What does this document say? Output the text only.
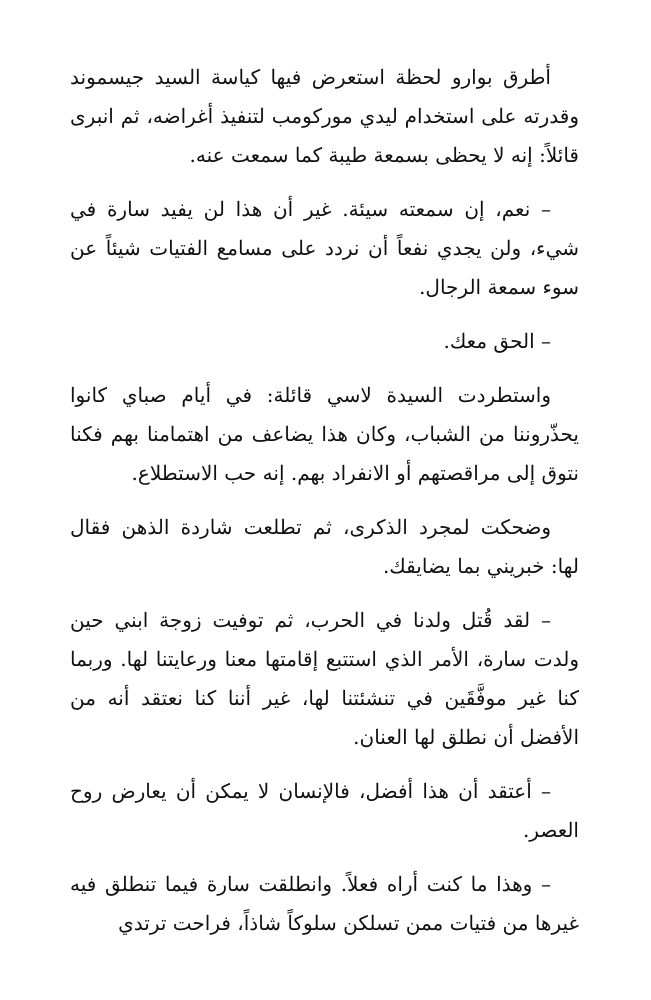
أطرق بوارو لحظة استعرض فيها كياسة السيد جيسموند وقدرته على استخدام ليدي موركومب لتنفيذ أغراضه، ثم انبرى قائلاً: إنه لا يحظى بسمعة طيبة كما سمعت عنه.

– نعم، إن سمعته سيئة. غير أن هذا لن يفيد سارة في شيء، ولن يجدي نفعاً أن نردد على مسامع الفتيات شيئاً عن سوء سمعة الرجال.

– الحق معك.

واستطردت السيدة لاسي قائلة: في أيام صباي كانوا يحذّروننا من الشباب، وكان هذا يضاعف من اهتمامنا بهم فكنا نتوق إلى مراقصتهم أو الانفراد بهم. إنه حب الاستطلاع.

وضحكت لمجرد الذكرى، ثم تطلعت شاردة الذهن فقال لها: خبريني بما يضايقك.

– لقد قُتل ولدنا في الحرب، ثم توفيت زوجة ابني حين ولدت سارة، الأمر الذي استتبع إقامتها معنا ورعايتنا لها. وربما كنا غير موفَّقَين في تنشئتنا لها، غير أننا كنا نعتقد أنه من الأفضل أن نطلق لها العنان.

– أعتقد أن هذا أفضل، فالإنسان لا يمكن أن يعارض روح العصر.

– وهذا ما كنت أراه فعلاً. وانطلقت سارة فيما تنطلق فيه غيرها من فتيات ممن تسلكن سلوكاً شاذاً، فراحت ترتدي
